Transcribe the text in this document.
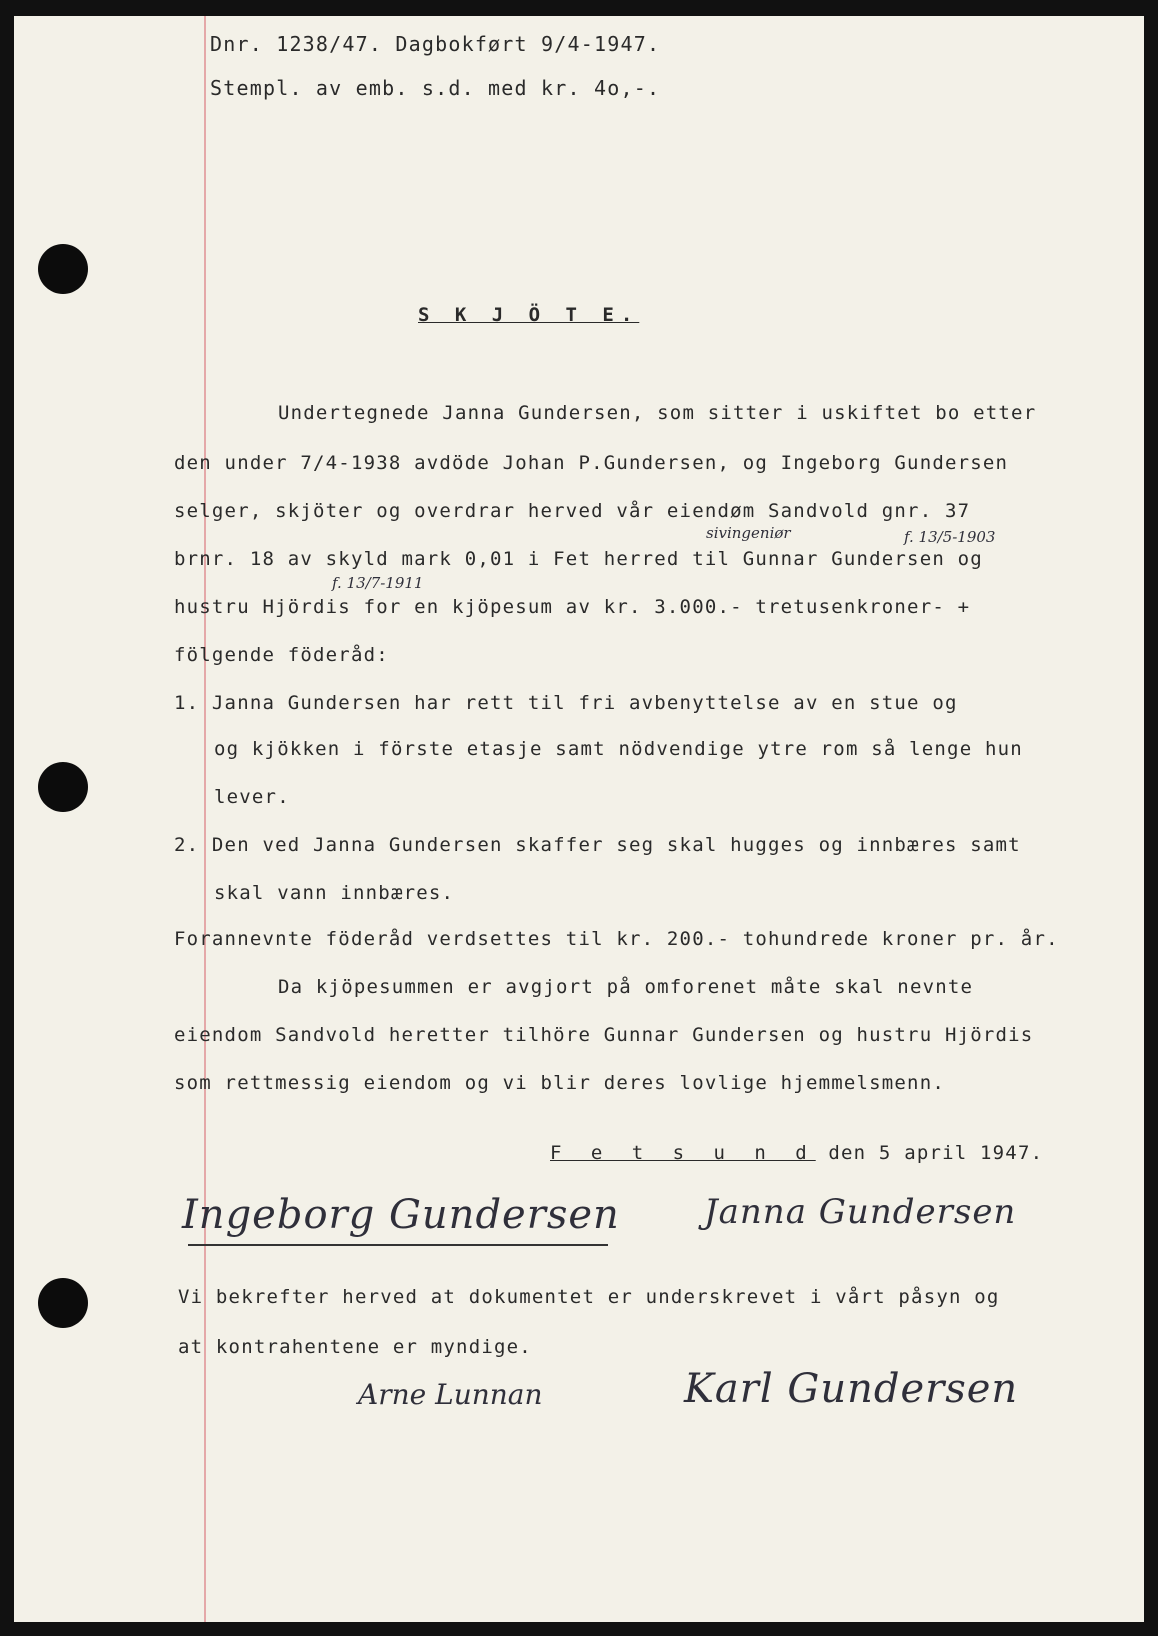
Dnr. 1238/47. Dagbokført 9/4-1947.
Stempl. av emb. s.d. med kr. 4o,-.
S K J Ö T E.
Undertegnede Janna Gundersen, som sitter i uskiftet bo etter
den under 7/4-1938 avdöde Johan P.Gundersen, og Ingeborg Gundersen
selger, skjöter og overdrar herved vår eiendøm Sandvold gnr. 37
brnr. 18 av skyld mark 0,01 i Fet herred til Gunnar Gundersen og
hustru Hjördis for en kjöpesum av kr. 3.000.- tretusenkroner- +
fölgende föderåd:
1. Janna Gundersen har rett til fri avbenyttelse av en stue og
og kjökken i förste etasje samt nödvendige ytre rom så lenge hun
lever.
2. Den ved Janna Gundersen skaffer seg skal hugges og innbæres samt
skal vann innbæres.
Forannevnte föderåd verdsettes til kr. 200.- tohundrede kroner pr. år.
Da kjöpesummen er avgjort på omforenet måte skal nevnte
eiendom Sandvold heretter tilhöre Gunnar Gundersen og hustru Hjördis
som rettmessig eiendom og vi blir deres lovlige hjemmelsmenn.
F e t s u n d den 5 april 1947.
sivingeniør	f. 13/5-1903
f. 13/7-1911
Ingeborg Gundersen Janna Gundersen
Vi bekrefter herved at dokumentet er underskrevet i vårt påsyn og
at kontrahentene er myndige.
Arne Lunnan	Karl Gundersen
